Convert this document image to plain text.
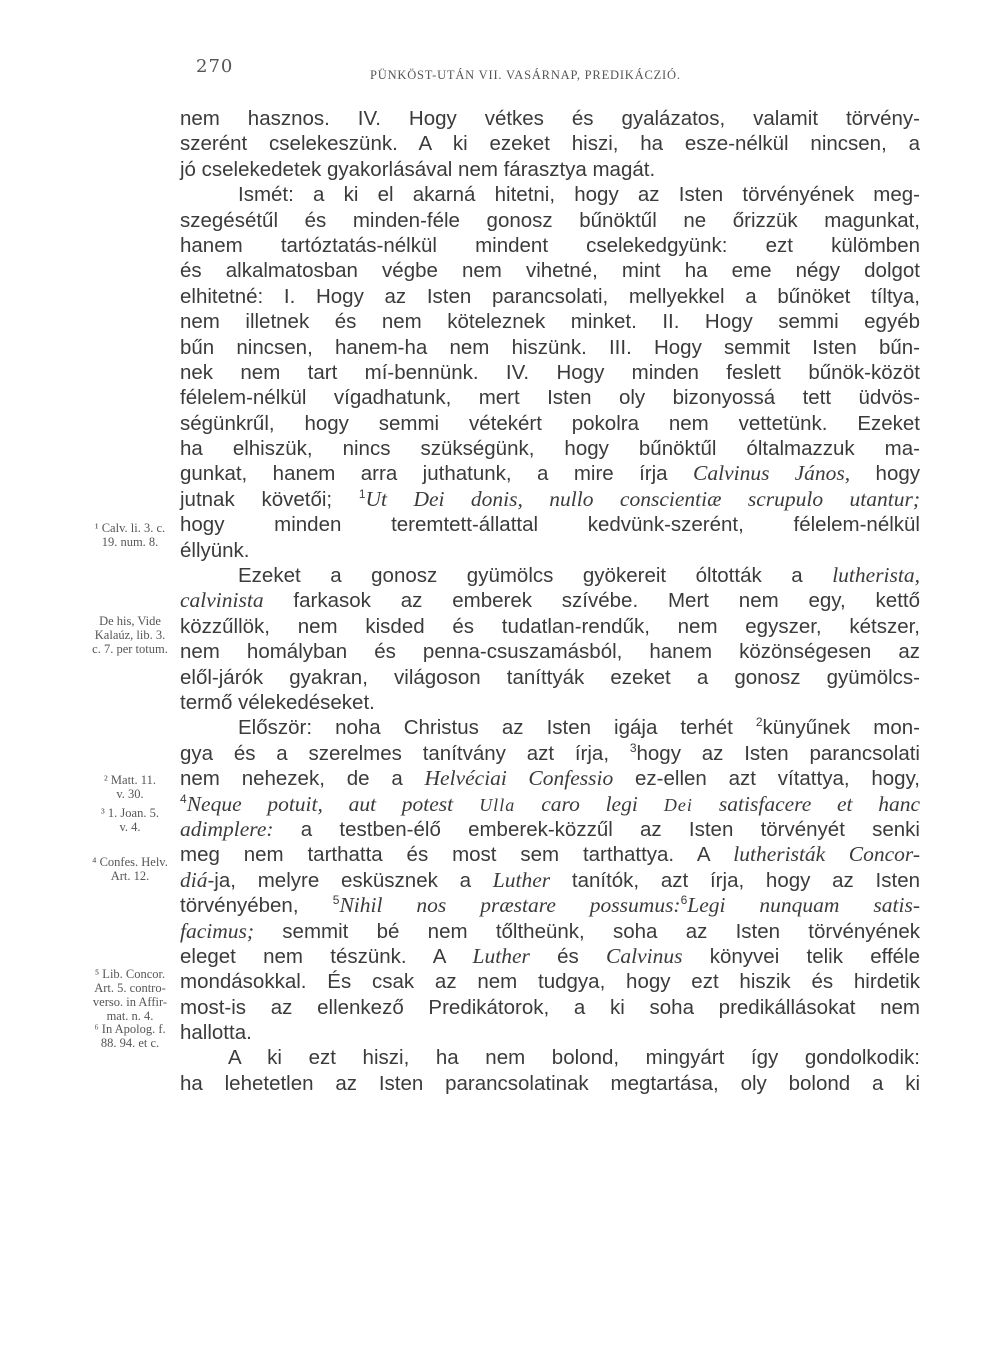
270	PÜNKÖST-UTÁN VII. VASÁRNAP, PREDIKÁCZIÓ.
nem hasznos. IV. Hogy vétkes és gyalázatos, valamit törvény-
szerént cselekeszünk. A ki ezeket hiszi, ha esze-nélkül nincsen, a
jó cselekedetek gyakorlásával nem fárasztya magát.
Ismét: a ki el akarná hitetni, hogy az Isten törvényének meg-
szegésétűl és minden-féle gonosz bűnöktűl ne őrizzük magunkat,
hanem tartóztatás-nélkül mindent cselekedgyünk: ezt külömben
és alkalmatosban végbe nem vihetné, mint ha eme négy dolgot
elhitetné: I. Hogy az Isten parancsolati, mellyekkel a bűnöket tíltya,
nem illetnek és nem köteleznek minket. II. Hogy semmi egyéb
bűn nincsen, hanem-ha nem hiszünk. III. Hogy semmit Isten bűn-
nek nem tart mí-bennünk. IV. Hogy minden feslett bűnök-közöt
félelem-nélkül vígadhatunk, mert Isten oly bizonyossá tett üdvös-
ségünkrűl, hogy semmi vétekért pokolra nem vettetünk. Ezeket
ha elhiszük, nincs szükségünk, hogy bűnöktűl óltalmazzuk ma-
gunkat, hanem arra juthatunk, a mire írja Calvinus János, hogy
jutnak követői; $^1$Ut Dei donis, nullo conscientiæ scrupulo utantur;
hogy minden teremtett-állattal kedvünk-szerént, félelem-nélkül
éllyünk.
Ezeket a gonosz gyümölcs gyökereit óltották a lutherista,
calvinista farkasok az emberek szívébe. Mert nem egy, kettő
közzűllök, nem kisded és tudatlan-rendűk, nem egyszer, kétszer,
nem homályban és penna-csuszamásból, hanem közönségesen az
elől-járók gyakran, világoson taníttyák ezeket a gonosz gyümölcs-
termő vélekedéseket.
Először: noha Christus az Isten igája terhét $^2$künyűnek mon-
gya és a szerelmes tanítvány azt írja, $^3$hogy az Isten parancsolati
nem nehezek, de a Helvéciai Confessio ez-ellen azt vítattya, hogy,
$^4$Neque potuit, aut potest Ulla caro legi Dei satisfacere et hanc
adimplere: a testben-élő emberek-közzűl az Isten törvényét senki
meg nem tarthatta és most sem tarthattya. A lutheristák Concor-
diá-ja, melyre esküsznek a Luther tanítók, azt írja, hogy az Isten
törvényében, $^5$Nihil nos præstare possumus:$^6$Legi nunquam satis-
facimus; semmit bé nem tőltheünk, soha az Isten törvényének
eleget nem tészünk. A Luther és Calvinus könyvei telik efféle
mondásokkal. És csak az nem tudgya, hogy ezt hiszik és hirdetik
most-is az ellenkező Predikátorok, a ki soha predikállásokat nem
hallotta.
A ki ezt hiszi, ha nem bolond, mingyárt így gondolkodik:
ha lehetetlen az Isten parancsolatinak megtartása, oly bolond a ki
¹ Calv. li. 3. c.
19. num. 8.
De his, Vide
Kalaúz, lib. 3.
c. 7. per totum.
² Matt. 11.
v. 30.
³ 1. Joan. 5.
v. 4.
⁴ Confes. Helv.
Art. 12.
⁵ Lib. Concor.
Art. 5. contro-
verso. in Affir-
mat. n. 4.
⁶ In Apolog. f.
88. 94. et c.
